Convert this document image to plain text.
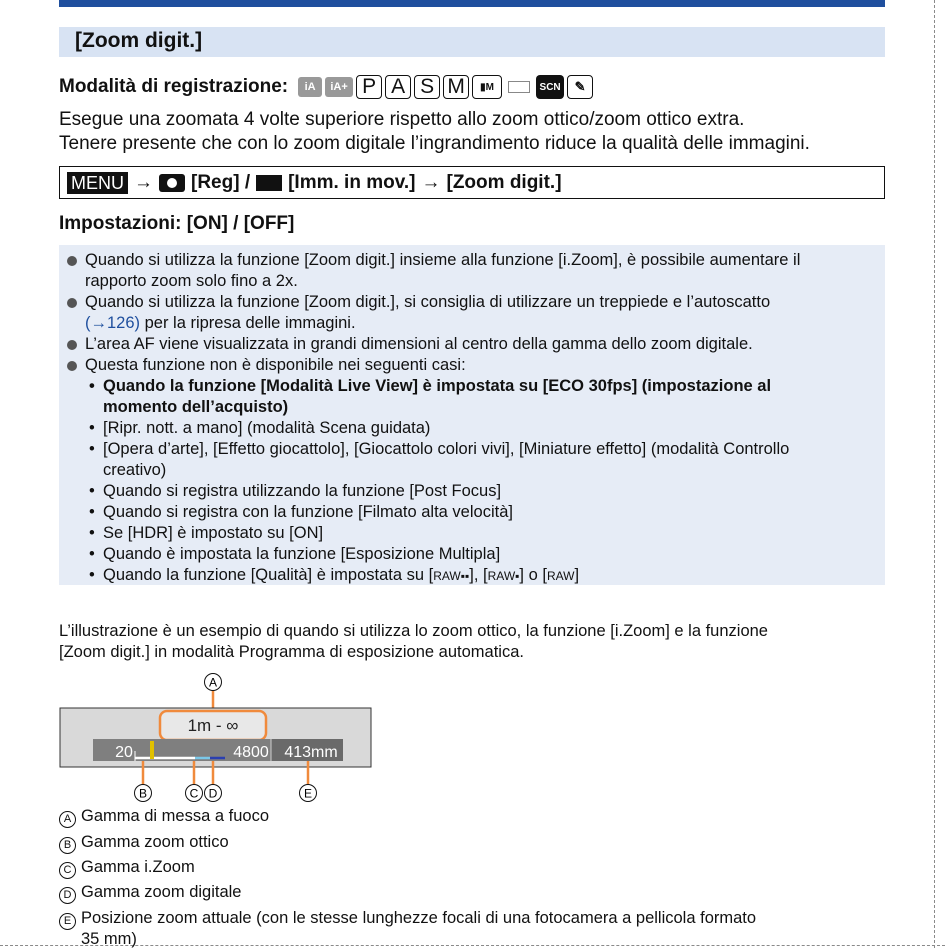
[Zoom digit.]
Modalità di registrazione:	iA	iA+ P A S M	▮ M	SCN	✎
Esegue una zoomata 4 volte superiore rispetto allo zoom ottico/zoom ottico extra.
Tenere presente che con lo zoom digitale l’ingrandimento riduce la qualità delle immagini.
MENU → [Reg] / [Imm. in mov.] → [Zoom digit.]
Impostazioni: [ON] / [OFF]
Quando si utilizza la funzione [Zoom digit.] insieme alla funzione [i.Zoom], è possibile aumentare il
rapporto zoom solo fino a 2x.
Quando si utilizza la funzione [Zoom digit.], si consiglia di utilizzare un treppiede e l’autoscatto
(→126) per la ripresa delle immagini.
L’area AF viene visualizzata in grandi dimensioni al centro della gamma dello zoom digitale.
Questa funzione non è disponibile nei seguenti casi:
• Quando la funzione [Modalità Live View] è impostata su [ECO 30fps] (impostazione al
momento dell’acquisto)
• [Ripr. nott. a mano] (modalità Scena guidata)
• [Opera d’arte], [Effetto giocattolo], [Giocattolo colori vivi], [Miniature effetto] (modalità Controllo
creativo)
• Quando si registra utilizzando la funzione [Post Focus]
• Quando si registra con la funzione [Filmato alta velocità]
• Se [HDR] è impostato su [ON]
• Quando è impostata la funzione [Esposizione Multipla]
• Quando la funzione [Qualità] è impostata su [RAW▪▪], [RAW▪] o [RAW]
L’illustrazione è un esempio di quando si utilizza lo zoom ottico, la funzione [i.Zoom] e la funzione
[Zoom digit.] in modalità Programma di esposizione automatica.
A
1m - ∞
20	4800 413mm
B	C D	E
A Gamma di messa a fuoco
B Gamma zoom ottico
C Gamma i.Zoom
D Gamma zoom digitale
E Posizione zoom attuale (con le stesse lunghezze focali di una fotocamera a pellicola formato
35 mm)
